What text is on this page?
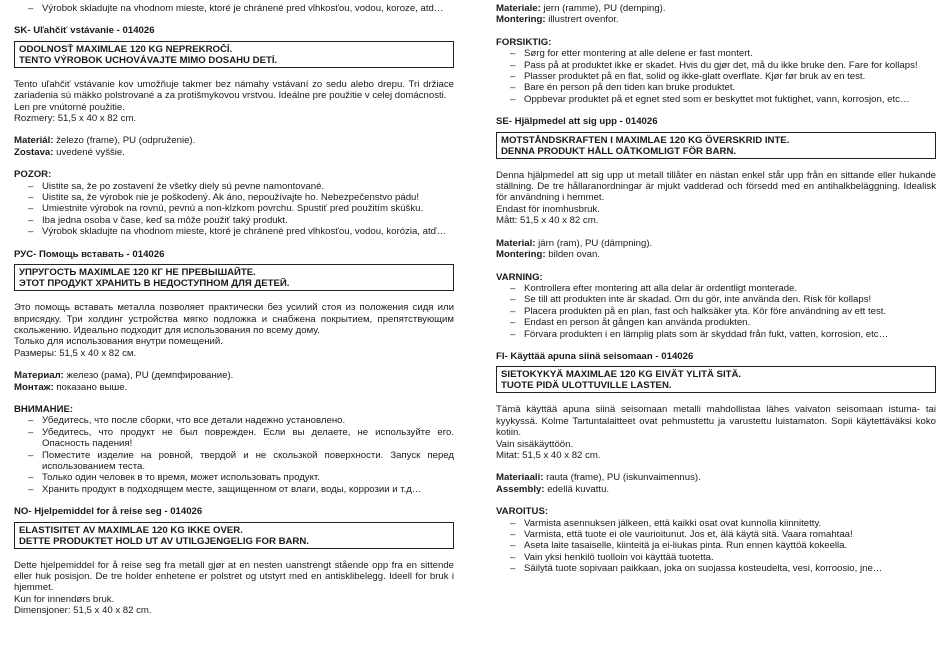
– Výrobok skladujte na vhodnom mieste, ktoré je chránené pred vlhkosťou, vodou, koroze, atd…

SK- Uľahčiť vstávanie - 014026

ODOLNOSŤ MAXIMLAE 120 KG NEPREKROČÍ.
TENTO VÝROBOK UCHOVÁVAJTE MIMO DOSAHU DETÍ.

Tento uľahčiť vstávanie kov umožňuje takmer bez námahy vstávaní zo sedu alebo drepu. Tri držiace zariadenia sú mäkko polstrované a za protišmykovou vrstvou. Ideálne pre použitie v celej domácnosti.

Len pre vnútorné použitie.

Rozmery: 51,5 x 40 x 82 cm.

Materiál: železo (frame), PU (odpruženie).

Zostava: uvedené vyššie.

POZOR:

– Uistite sa, že po zostavení že všetky diely sú pevne namontované.
– Uistite sa, že výrobok nie je poškodený. Ak áno, nepoužívajte ho. Nebezpečenstvo pádu!
– Umiestnite výrobok na rovnú, pevnú a non-klzkom povrchu. Spustiť pred použitím skúšku.
– Iba jedna osoba v čase, keď sa môže použiť taký produkt.
– Výrobok skladujte na vhodnom mieste, ktoré je chránené pred vlhkosťou, vodou, korózia, atď…

РУС- Помощь вставать - 014026

УПРУГОСТЬ MAXIMLAE 120 КГ НЕ ПРЕВЫШАЙТЕ.
ЭТОТ ПРОДУКТ ХРАНИТЬ В НЕДОСТУПНОМ ДЛЯ ДЕТЕЙ.

Это помощь вставать металла позволяет практически без усилий стоя из положения сидя или вприсядку. Три холдинг устройства мягко подложка и снабжена покрытием, препятствующим скольжению. Идеально подходит для использования по всему дому.

Только для использования внутри помещений.

Размеры: 51,5 x 40 x 82 см.

Материал: железо (рама), PU (демпфирование).

Монтаж: показано выше.

ВНИМАНИЕ:

– Убедитесь, что после сборки, что все детали надежно установлено.
– Убедитесь, что продукт не был поврежден. Если вы делаете, не используйте его. Опасность падения!
– Поместите изделие на ровной, твердой и не скользкой поверхности. Запуск перед использованием теста.
– Только один человек в то время, может использовать продукт.
– Хранить продукт в подходящем месте, защищенном от влаги, воды, коррозии и т.д…

NO- Hjelpemiddel for å reise seg - 014026

ELASTISITET AV MAXIMLAE 120 KG IKKE OVER.
DETTE PRODUKTET HOLD UT AV UTILGJENGELIG FOR BARN.

Dette hjelpemiddel for å reise seg fra metall gjør at en nesten uanstrengt stående opp fra en sittende eller huk posisjon. De tre holder enhetene er polstret og utstyrt med en antisklibelegg. Ideell for bruk i hjemmet.

Kun for innendørs bruk.

Dimensjoner: 51,5 x 40 x 82 cm.

Materiale: jern (ramme), PU (demping).

Montering: illustrert ovenfor.

FORSIKTIG:

– Sørg for etter montering at alle delene er fast montert.
– Pass på at produktet ikke er skadet. Hvis du gjør det, må du ikke bruke den. Fare for kollaps!
– Plasser produktet på en flat, solid og ikke-glatt overflate. Kjør før bruk av en test.
– Bare én person på den tiden kan bruke produktet.
– Oppbevar produktet på et egnet sted som er beskyttet mot fuktighet, vann, korrosjon, etc…

SE- Hjälpmedel att sig upp - 014026

MOTSTÅNDSKRAFTEN I MAXIMLAE 120 KG ÖVERSKRID INTE.
DENNA PRODUKT HÅLL OÅTKOMLIGT FÖR BARN.

Denna hjälpmedel att sig upp ut metall tillåter en nästan enkel står upp från en sittande eller hukande ställning. De tre hållaranordningar är mjukt vadderad och försedd med en antihalkbeläggning. Idealisk för användning i hemmet.

Endast för inomhusbruk.

Mått: 51,5 x 40 x 82 cm.

Material: järn (ram), PU (dämpning).

Montering: bilden ovan.

VARNING:

– Kontrollera efter montering att alla delar är ordentligt monterade.
– Se till att produkten inte är skadad. Om du gör, inte använda den. Risk för kollaps!
– Placera produkten på en plan, fast och halksäker yta. Kör före användning av ett test.
– Endast en person åt gången kan använda produkten.
– Förvara produkten i en lämplig plats som är skyddad från fukt, vatten, korrosion, etc…

FI- Käyttää apuna siinä seisomaan - 014026

SIETOKYKYÄ MAXIMLAE 120 KG EIVÄT YLITÄ SITÄ.
TUOTE PIDÄ ULOTTUVILLE LASTEN.

Tämä käyttää apuna siinä seisomaan metalli mahdollistaa lähes vaivaton seisomaan istuma- tai kyykyssä. Kolme Tartuntalaitteet ovat pehmustettu ja varustettu luistamaton. Sopii käytettäväksi koko kotiin.

Vain sisäkäyttöön.

Mitat: 51,5 x 40 x 82 cm.

Materiaali: rauta (frame), PU (iskunvaimennus).

Assembly: edellä kuvattu.

VAROITUS:

– Varmista asennuksen jälkeen, että kaikki osat ovat kunnolla kiinnitetty.
– Varmista, että tuote ei ole vaurioitunut. Jos et, älä käytä sitä. Vaara romahtaa!
– Aseta laite tasaiselle, kiinteitä ja ei-liukas pinta. Run ennen käyttöä kokeella.
– Vain yksi henkilö tuolloin voi käyttää tuotetta.
– Säilytä tuote sopivaan paikkaan, joka on suojassa kosteudelta, vesi, korroosio, jne…
